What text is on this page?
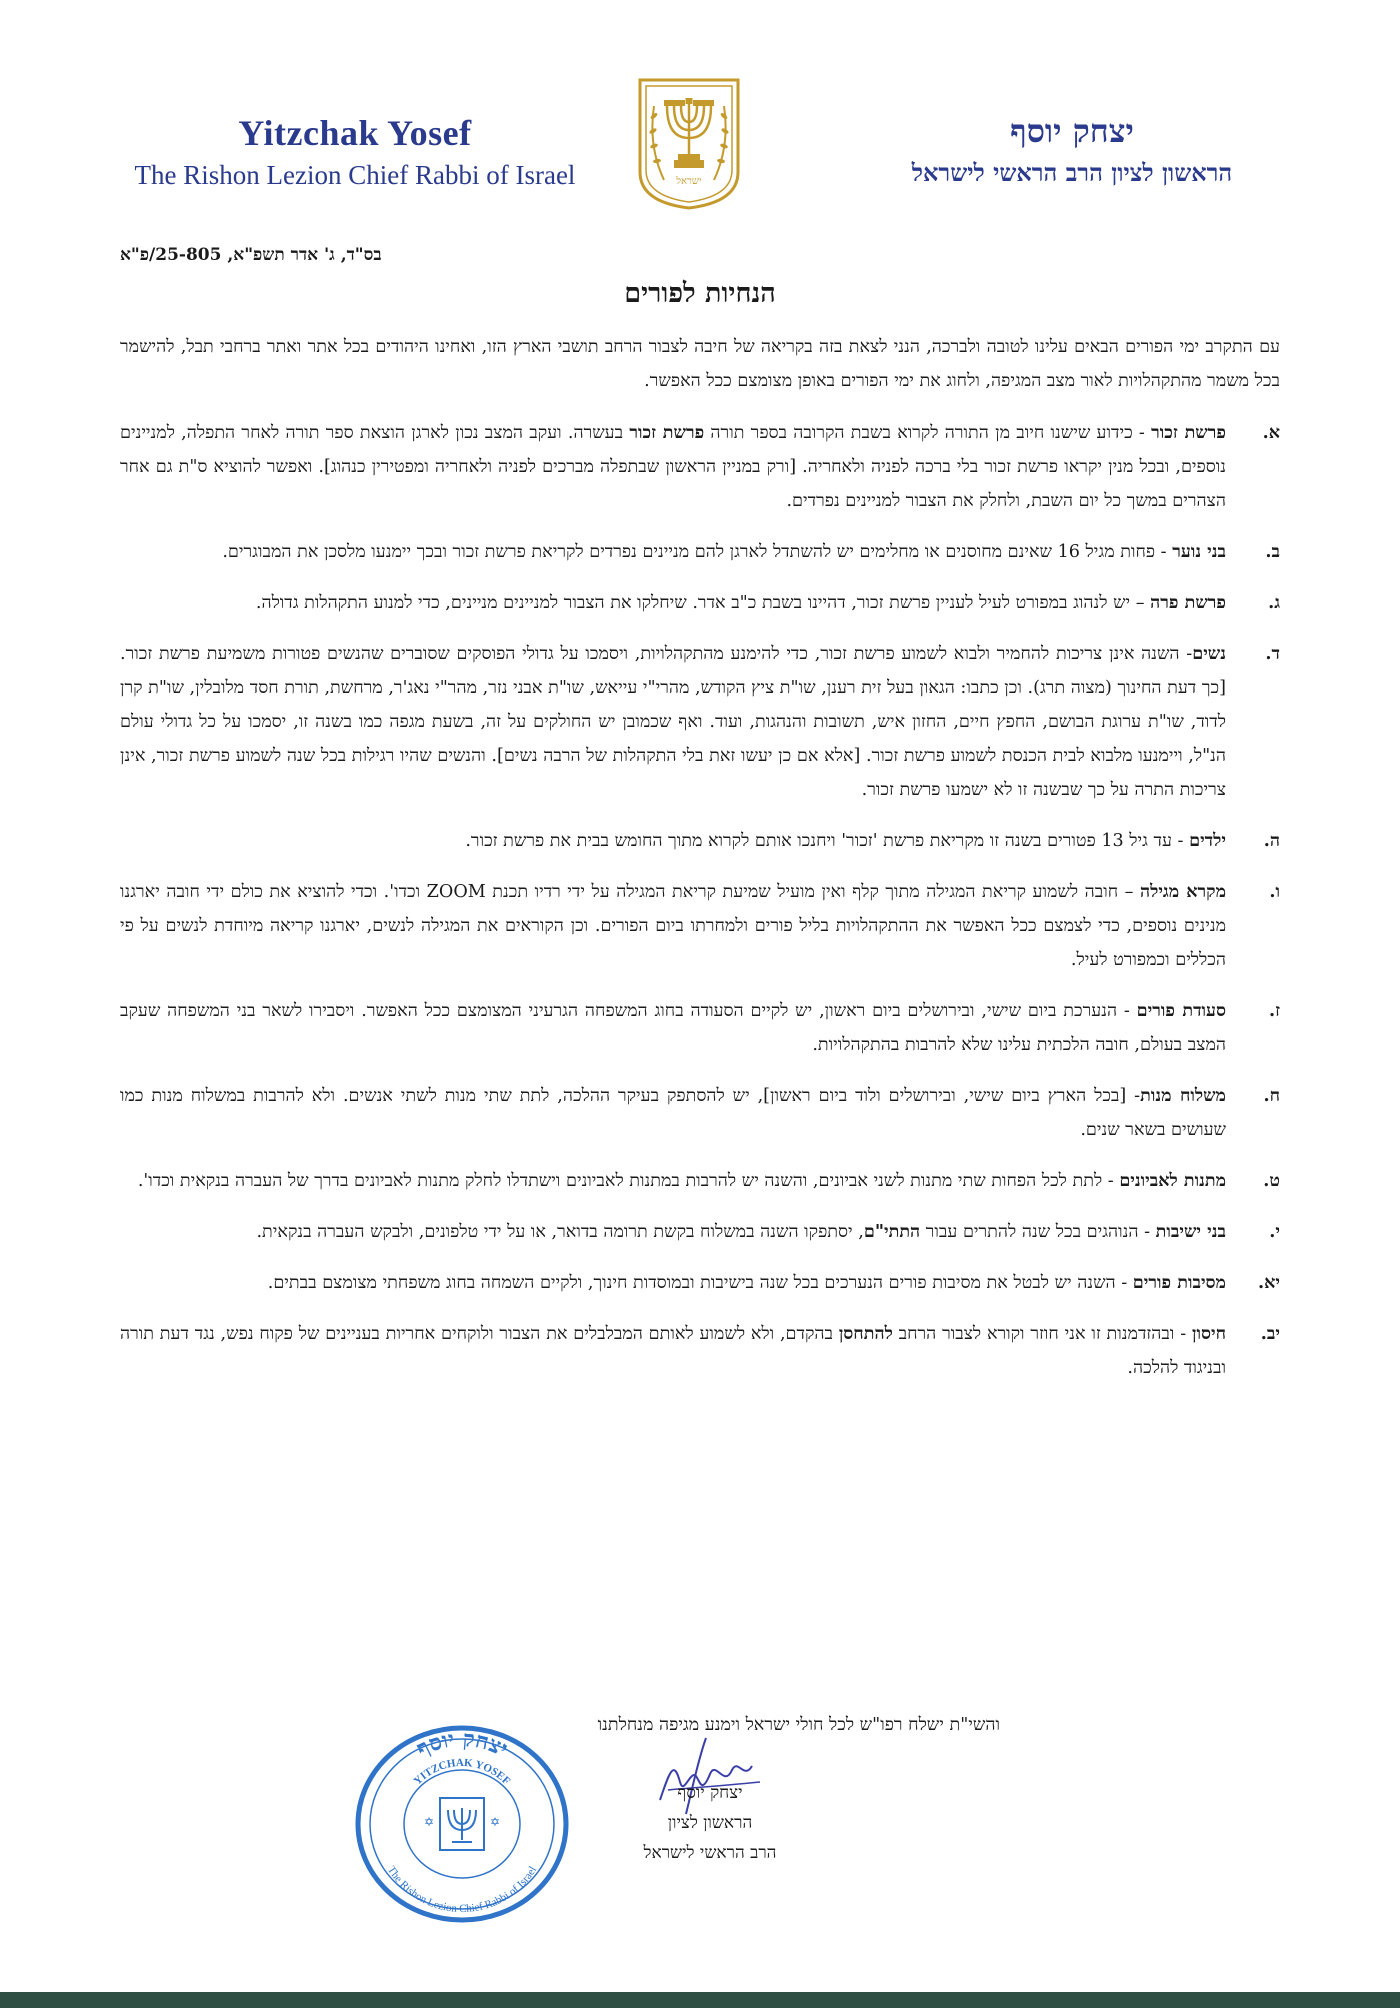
Yitzchak Yosef
The Rishon Lezion Chief Rabbi of Israel	ישראל
יצחק יוסף
הראשון לציון הרב הראשי לישראל
בס"ד, ג' אדר תשפ"א, 25-805/פ"א
הנחיות לפורים

עם התקרב ימי הפורים הבאים עלינו לטובה ולברכה, הנני לצאת בזה בקריאה של חיבה לצבור הרחב תושבי הארץ הזו, ואחינו היהודים בכל אתר ואתר ברחבי תבל, להישמר בכל משמר מהתקהלויות לאור מצב המגיפה, ולחוג את ימי הפורים באופן מצומצם ככל האפשר.

א.
פרשת זכור - כידוע שישנו חיוב מן התורה לקרוא בשבת הקרובה בספר תורה פרשת זכור בעשרה. ועקב המצב נכון לארגן הוצאת ספר תורה לאחר התפלה, למניינים נוספים, ובכל מנין יקראו פרשת זכור בלי ברכה לפניה ולאחריה. [ורק במניין הראשון שבתפלה מברכים לפניה ולאחריה ומפטירין כנהוג]. ואפשר להוציא ס"ת גם אחר הצהרים במשך כל יום השבת, ולחלק את הצבור למניינים נפרדים.
ב.
בני נוער - פחות מגיל 16 שאינם מחוסנים או מחלימים יש להשתדל לארגן להם מניינים נפרדים לקריאת פרשת זכור ובכך יימנעו מלסכן את המבוגרים.
ג.
פרשת פרה – יש לנהוג במפורט לעיל לעניין פרשת זכור, דהיינו בשבת כ"ב אדר. שיחלקו את הצבור למניינים מניינים, כדי למנוע התקהלות גדולה.
ד.
נשים- השנה אינן צריכות להחמיר ולבוא לשמוע פרשת זכור, כדי להימנע מהתקהלויות, ויסמכו על גדולי הפוסקים שסוברים שהנשים פטורות משמיעת פרשת זכור. [כך דעת החינוך (מצוה תרג). וכן כתבו: הגאון בעל זית רענן, שו"ת ציץ הקודש, מהרי"י עייאש, שו"ת אבני נזר, מהר"י נאג'ר, מרחשת, תורת חסד מלובלין, שו"ת קרן לדוד, שו"ת ערוגת הבושם, החפץ חיים, החזון איש, תשובות והנהגות, ועוד. ואף שכמובן יש החולקים על זה, בשעת מגפה כמו בשנה זו, יסמכו על כל גדולי עולם הנ"ל, ויימנעו מלבוא לבית הכנסת לשמוע פרשת זכור. [אלא אם כן יעשו זאת בלי התקהלות של הרבה נשים]. והנשים שהיו רגילות בכל שנה לשמוע פרשת זכור, אינן צריכות התרה על כך שבשנה זו לא ישמעו פרשת זכור.
ה.
ילדים - עד גיל 13 פטורים בשנה זו מקריאת פרשת 'זכור' ויחנכו אותם לקרוא מתוך החומש בבית את פרשת זכור.
ו.
מקרא מגילה – חובה לשמוע קריאת המגילה מתוך קלף ואין מועיל שמיעת קריאת המגילה על ידי רדיו תכנת ZOOM וכדו'. וכדי להוציא את כולם ידי חובה יארגנו מנינים נוספים, כדי לצמצם ככל האפשר את ההתקהלויות בליל פורים ולמחרתו ביום הפורים. וכן הקוראים את המגילה לנשים, יארגנו קריאה מיוחדת לנשים על פי הכללים וכמפורט לעיל.
ז.
סעודת פורים - הנערכת ביום שישי, ובירושלים ביום ראשון, יש לקיים הסעודה בחוג המשפחה הגרעיני המצומצם ככל האפשר. ויסבירו לשאר בני המשפחה שעקב המצב בעולם, חובה הלכתית עלינו שלא להרבות בהתקהלויות.
ח.
משלוח מנות- [בכל הארץ ביום שישי, ובירושלים ולוד ביום ראשון], יש להסתפק בעיקר ההלכה, לתת שתי מנות לשתי אנשים. ולא להרבות במשלוח מנות כמו שעושים בשאר שנים.
ט.
מתנות לאביונים - לתת לכל הפחות שתי מתנות לשני אביונים, והשנה יש להרבות במתנות לאביונים וישתדלו לחלק מתנות לאביונים בדרך של העברה בנקאית וכדו'.
י.
בני ישיבות - הנוהגים בכל שנה להתרים עבור התתי"ם, יסתפקו השנה במשלוח בקשת תרומה בדואר, או על ידי טלפונים, ולבקש העברה בנקאית.
יא.
מסיבות פורים - השנה יש לבטל את מסיבות פורים הנערכים בכל שנה בישיבות ובמוסדות חינוך, ולקיים השמחה בחוג משפחתי מצומצם בבתים.
יב.
חיסון - ובהזדמנות זו אני חוזר וקורא לצבור הרחב להתחסן בהקדם, ולא לשמוע לאותם המבלבלים את הצבור ולוקחים אחריות בעניינים של פקוח נפש, נגד דעת תורה ובניגוד להלכה.
והשי"ת ישלח רפו"ש לכל חולי ישראל וימנע מגיפה מנחלתנו
יצחק יוסף
YITZCHAK YOSEF
The Rishon Lezion Chief Rabbi of Israel
✡	✡
יצחק יוסף
הראשון לציון
הרב הראשי לישראל
